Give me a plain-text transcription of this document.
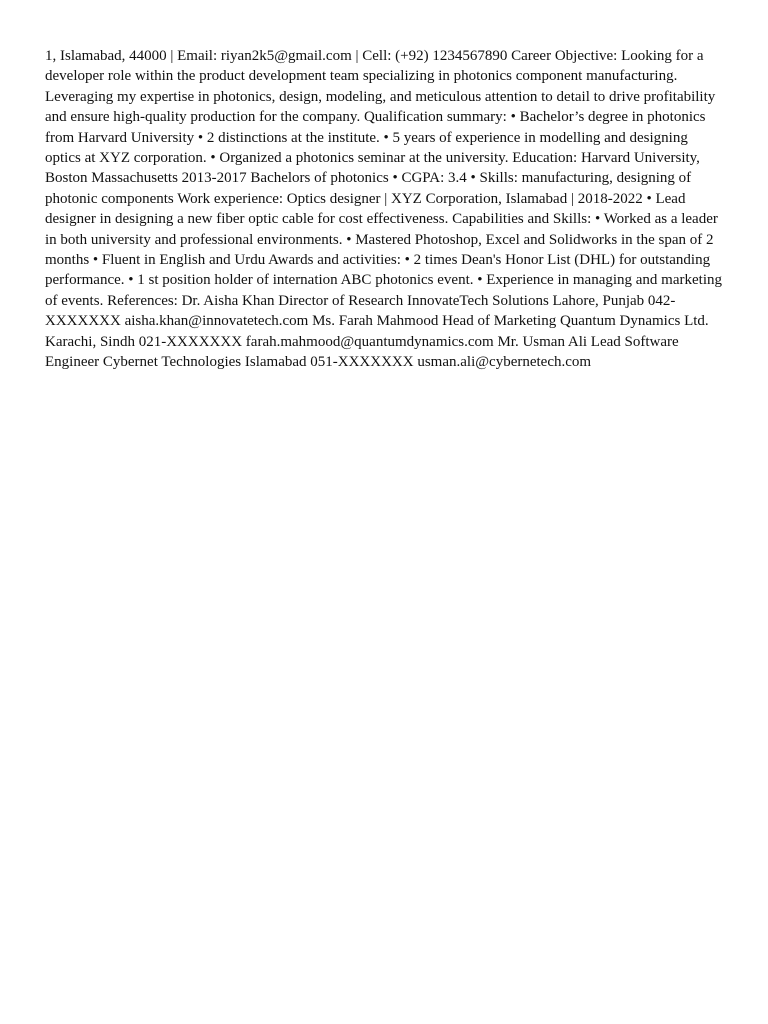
1, Islamabad, 44000 | Email: riyan2k5@gmail.com | Cell: (+92) 1234567890 Career Objective: Looking for a developer role within the product development team specializing in photonics component manufacturing. Leveraging my expertise in photonics, design, modeling, and meticulous attention to detail to drive profitability and ensure high-quality production for the company. Qualification summary: • Bachelor’s degree in photonics from Harvard University • 2 distinctions at the institute. • 5 years of experience in modelling and designing optics at XYZ corporation. • Organized a photonics seminar at the university. Education: Harvard University, Boston Massachusetts 2013-2017 Bachelors of photonics • CGPA: 3.4 • Skills: manufacturing, designing of photonic components Work experience: Optics designer | XYZ Corporation, Islamabad | 2018-2022 • Lead designer in designing a new fiber optic cable for cost effectiveness. Capabilities and Skills: • Worked as a leader in both university and professional environments. • Mastered Photoshop, Excel and Solidworks in the span of 2 months • Fluent in English and Urdu Awards and activities: • 2 times Dean's Honor List (DHL) for outstanding performance. • 1 st position holder of internation ABC photonics event. • Experience in managing and marketing of events. References: Dr. Aisha Khan Director of Research InnovateTech Solutions Lahore, Punjab 042-XXXXXXX aisha.khan@innovatetech.com Ms. Farah Mahmood Head of Marketing Quantum Dynamics Ltd. Karachi, Sindh 021-XXXXXXX farah.mahmood@quantumdynamics.com Mr. Usman Ali Lead Software Engineer Cybernet Technologies Islamabad 051-XXXXXXX usman.ali@cybernetech.com
